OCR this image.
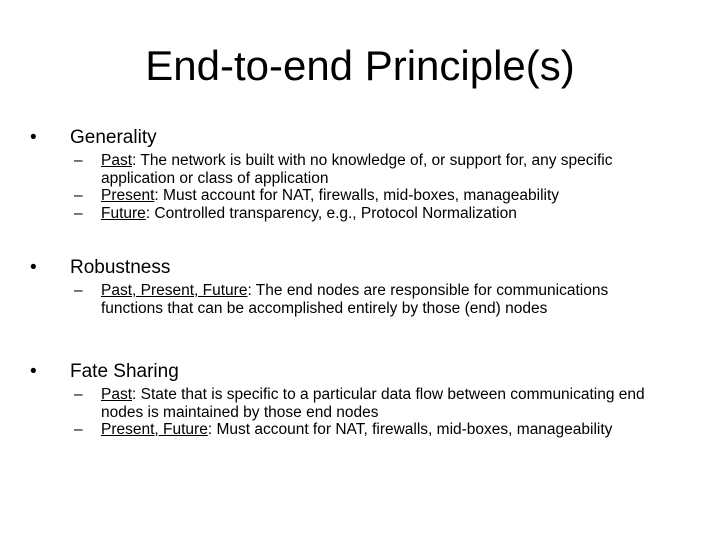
End-to-end Principle(s)
• Generality
– Past: The network is built with no knowledge of, or support for, any specific application or class of application
– Present: Must account for NAT, firewalls, mid-boxes, manageability
– Future: Controlled transparency, e.g., Protocol Normalization
• Robustness
– Past, Present, Future: The end nodes are responsible for communications functions that can be accomplished entirely by those (end) nodes
• Fate Sharing
– Past: State that is specific to a particular data flow between communicating end nodes is maintained by those end nodes
– Present, Future: Must account for NAT, firewalls, mid-boxes, manageability
